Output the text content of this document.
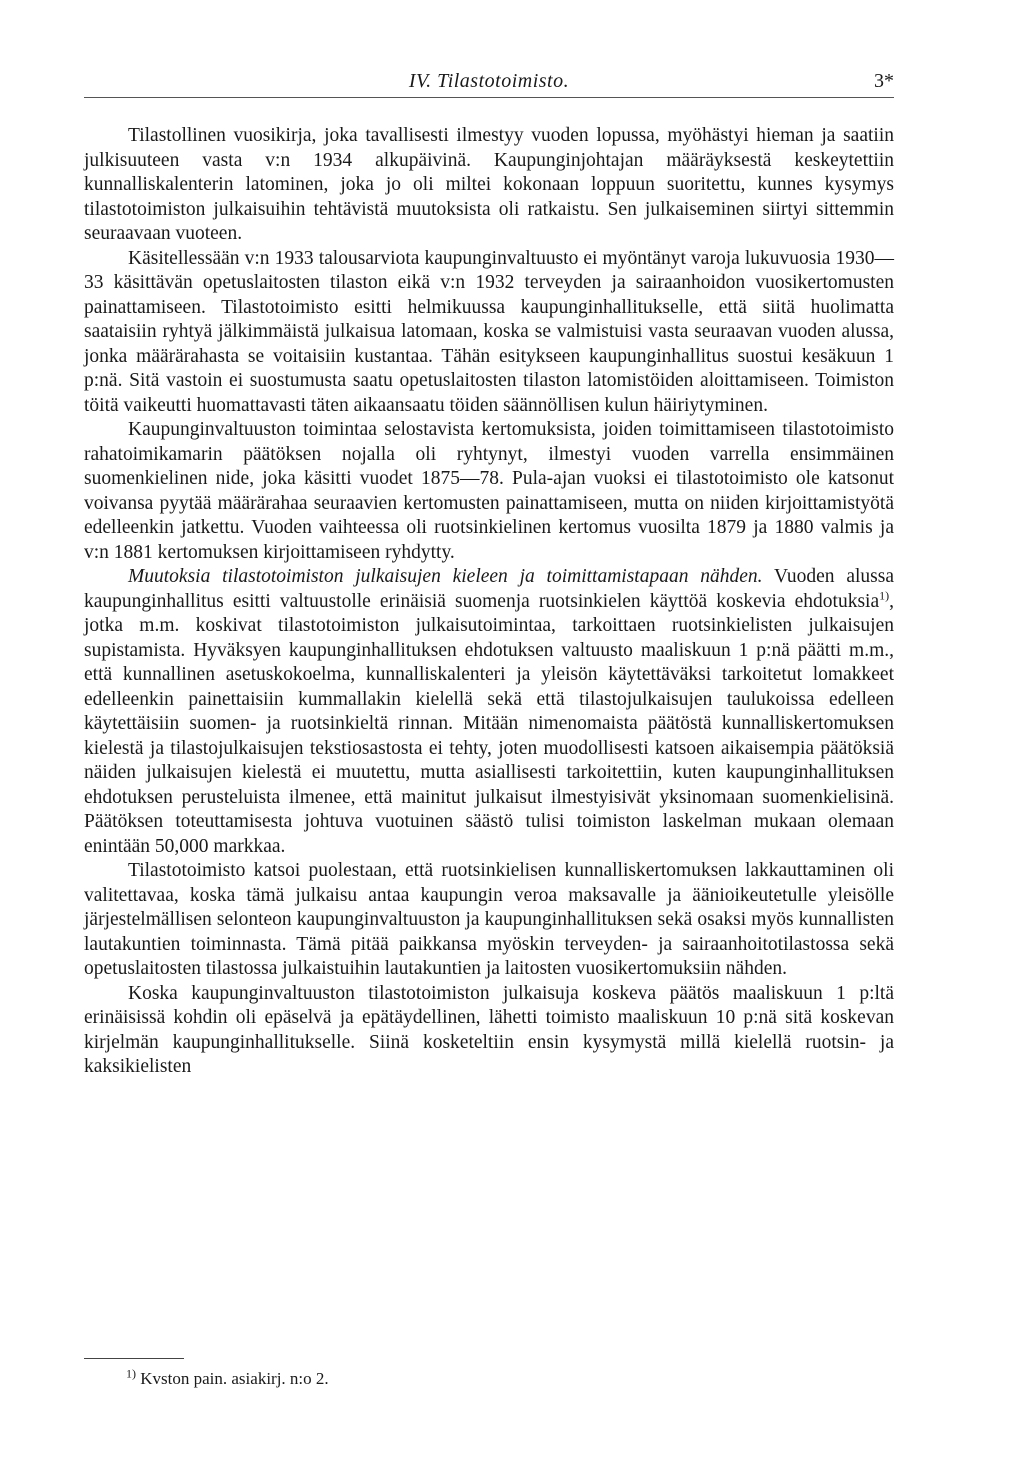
IV. Tilastotoimisto.	3*

Tilastollinen vuosikirja, joka tavallisesti ilmestyy vuoden lopussa, myöhästyi hieman ja saatiin julkisuuteen vasta v:n 1934 alkupäivinä. Kaupunginjohtajan määräyksestä keskeytettiin kunnalliskalenterin latominen, joka jo oli miltei kokonaan loppuun suoritettu, kunnes kysymys tilastotoimiston julkaisuihin tehtävistä muutoksista oli ratkaistu. Sen julkaiseminen siirtyi sittemmin seuraavaan vuoteen.

Käsitellessään v:n 1933 talousarviota kaupunginvaltuusto ei myöntänyt varoja lukuvuosia 1930—33 käsittävän opetuslaitosten tilaston eikä v:n 1932 terveyden ja sairaanhoidon vuosikertomusten painattamiseen. Tilastotoimisto esitti helmikuussa kaupunginhallitukselle, että siitä huolimatta saataisiin ryhtyä jälkimmäistä julkaisua latomaan, koska se valmistuisi vasta seuraavan vuoden alussa, jonka määrärahasta se voitaisiin kustantaa. Tähän esitykseen kaupunginhallitus suostui kesäkuun 1 p:nä. Sitä vastoin ei suostumusta saatu opetuslaitosten tilaston latomistöiden aloittamiseen. Toimiston töitä vaikeutti huomattavasti täten aikaansaatu töiden säännöllisen kulun häiriytyminen.

Kaupunginvaltuuston toimintaa selostavista kertomuksista, joiden toimittamiseen tilastotoimisto rahatoimikamarin päätöksen nojalla oli ryhtynyt, ilmestyi vuoden varrella ensimmäinen suomenkielinen nide, joka käsitti vuodet 1875—78. Pula-ajan vuoksi ei tilastotoimisto ole katsonut voivansa pyytää määrärahaa seuraavien kertomusten painattamiseen, mutta on niiden kirjoittamistyötä edelleenkin jatkettu. Vuoden vaihteessa oli ruotsinkielinen kertomus vuosilta 1879 ja 1880 valmis ja v:n 1881 kertomuksen kirjoittamiseen ryhdytty.

Muutoksia tilastotoimiston julkaisujen kieleen ja toimittamistapaan nähden. Vuoden alussa kaupunginhallitus esitti valtuustolle erinäisiä suomenja ruotsinkielen käyttöä koskevia ehdotuksia$^{1)}$, jotka m.m. koskivat tilastotoimiston julkaisutoimintaa, tarkoittaen ruotsinkielisten julkaisujen supistamista. Hyväksyen kaupunginhallituksen ehdotuksen valtuusto maaliskuun 1 p:nä päätti m.m., että kunnallinen asetuskokoelma, kunnalliskalenteri ja yleisön käytettäväksi tarkoitetut lomakkeet edelleenkin painettaisiin kummallakin kielellä sekä että tilastojulkaisujen taulukoissa edelleen käytettäisiin suomen- ja ruotsinkieltä rinnan. Mitään nimenomaista päätöstä kunnalliskertomuksen kielestä ja tilastojulkaisujen tekstiosastosta ei tehty, joten muodollisesti katsoen aikaisempia päätöksiä näiden julkaisujen kielestä ei muutettu, mutta asiallisesti tarkoitettiin, kuten kaupunginhallituksen ehdotuksen perusteluista ilmenee, että mainitut julkaisut ilmestyisivät yksinomaan suomenkielisinä. Päätöksen toteuttamisesta johtuva vuotuinen säästö tulisi toimiston laskelman mukaan olemaan enintään 50,000 markkaa.

Tilastotoimisto katsoi puolestaan, että ruotsinkielisen kunnalliskertomuksen lakkauttaminen oli valitettavaa, koska tämä julkaisu antaa kaupungin veroa maksavalle ja äänioikeutetulle yleisölle järjestelmällisen selonteon kaupunginvaltuuston ja kaupunginhallituksen sekä osaksi myös kunnallisten lautakuntien toiminnasta. Tämä pitää paikkansa myöskin terveyden- ja sairaanhoitotilastossa sekä opetuslaitosten tilastossa julkaistuihin lautakuntien ja laitosten vuosikertomuksiin nähden.

Koska kaupunginvaltuuston tilastotoimiston julkaisuja koskeva päätös maaliskuun 1 p:ltä erinäisissä kohdin oli epäselvä ja epätäydellinen, lähetti toimisto maaliskuun 10 p:nä sitä koskevan kirjelmän kaupunginhallitukselle. Siinä kosketeltiin ensin kysymystä millä kielellä ruotsin- ja kaksikielisten

$^{1)}$ Kvston pain. asiakirj. n:o 2.
